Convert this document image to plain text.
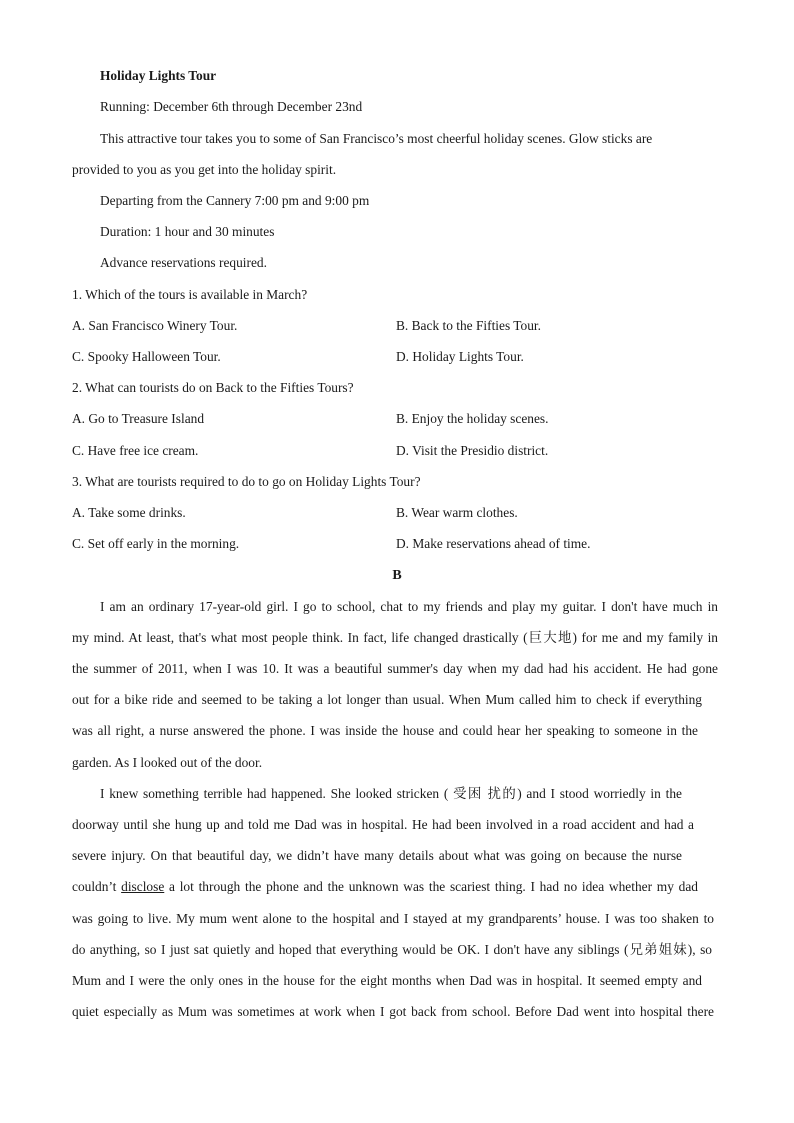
Holiday Lights Tour
Running: December 6th through December 23nd
This attractive tour takes you to some of San Francisco’s most cheerful holiday scenes. Glow sticks are
provided to you as you get into the holiday spirit.
Departing from the Cannery 7:00 pm and 9:00 pm
Duration: 1 hour and 30 minutes
Advance reservations required.
1. Which of the tours is available in March?
A. San Francisco Winery Tour.	B. Back to the Fifties Tour.
C. Spooky Halloween Tour.	D. Holiday Lights Tour.
2. What can tourists do on Back to the Fifties Tours?
A. Go to Treasure Island	B. Enjoy the holiday scenes.
C. Have free ice cream.	D. Visit the Presidio district.
3. What are tourists required to do to go on Holiday Lights Tour?
A. Take some drinks.	B. Wear warm clothes.
C. Set off early in the morning.	D. Make reservations ahead of time.
B
I am an ordinary 17-year-old girl. I go to school, chat to my friends and play my guitar. I don't have much in
my mind. At least, that's what most people think. In fact, life changed drastically (巨大地) for me and my family in
the summer of 2011, when I was 10. It was a beautiful summer's day when my dad had his accident. He had gone
out for a bike ride and seemed to be taking a lot longer than usual. When Mum called him to check if everything
was all right, a nurse answered the phone. I was inside the house and could hear her speaking to someone in the
garden. As I looked out of the door.
I knew something terrible had happened. She looked stricken ( 受困 扰的) and I stood worriedly in the
doorway until she hung up and told me Dad was in hospital. He had been involved in a road accident and had a
severe injury. On that beautiful day, we didn’t have many details about what was going on because the nurse
couldn’t disclose a lot through the phone and the unknown was the scariest thing. I had no idea whether my dad
was going to live. My mum went alone to the hospital and I stayed at my grandparents’ house. I was too shaken to
do anything, so I just sat quietly and hoped that everything would be OK. I don't have any siblings (兄弟姐妹), so
Mum and I were the only ones in the house for the eight months when Dad was in hospital. It seemed empty and
quiet especially as Mum was sometimes at work when I got back from school. Before Dad went into hospital there
